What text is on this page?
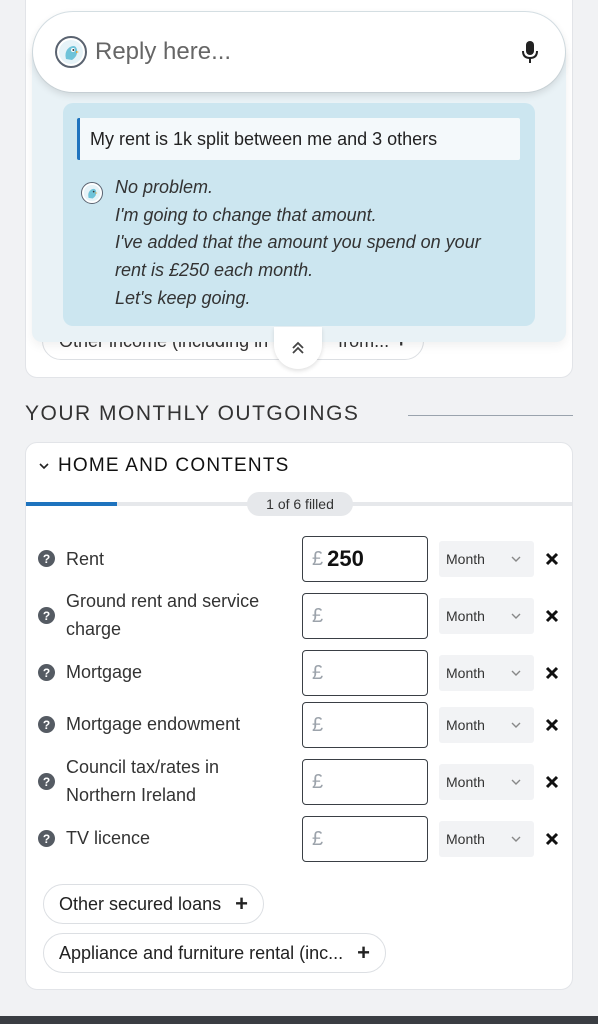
Reply here...
My rent is 1k split between me and 3 others
No problem.
I'm going to change that amount.
I've added that the amount you spend on your
rent is £250 each month.
Let's keep going.
YOUR MONTHLY OUTGOINGS
HOME AND CONTENTS
1 of 6 filled
? Rent	£ 250	Month
?
Ground rent and service charge
£	Month
? Mortgage	£	Month
? Mortgage endowment	£	Month
?
Council tax/rates in Northern Ireland
£	Month
? TV licence	£	Month
Other secured loans +
Appliance and furniture rental (inc... +
